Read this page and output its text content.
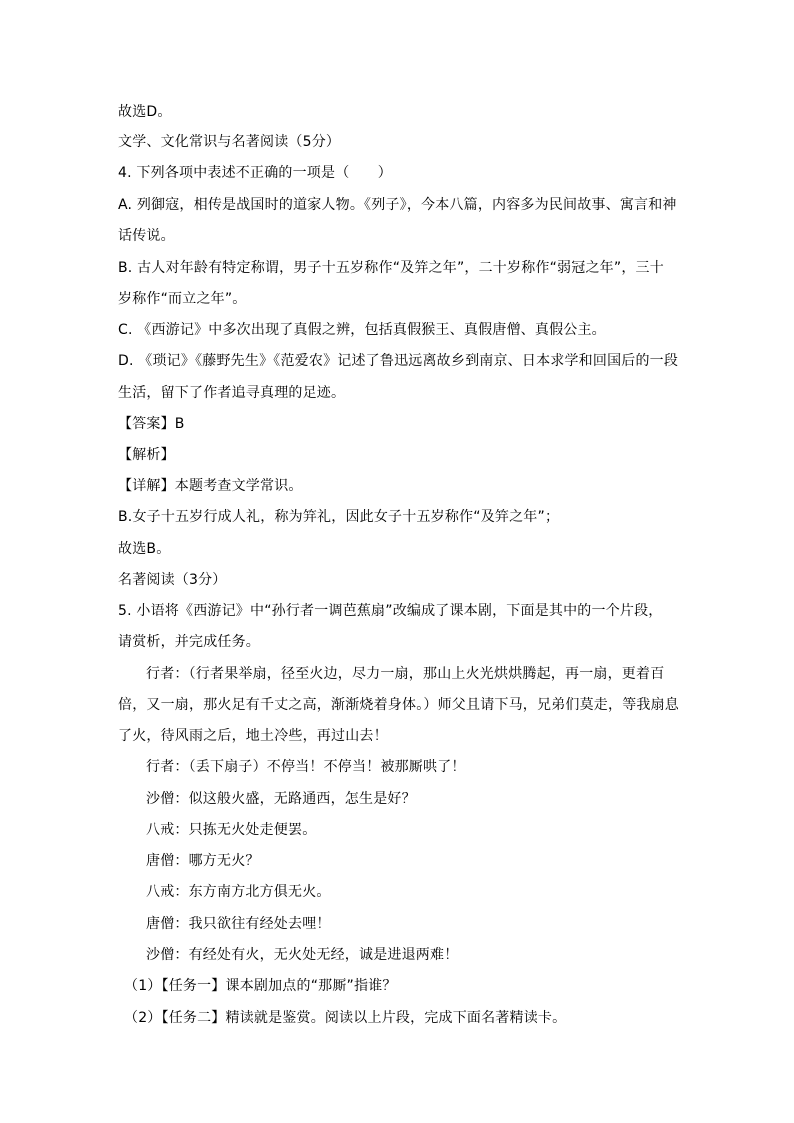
故选D。
文学、文化常识与名著阅读（5分）
4. 下列各项中表述不正确的一项是（　　）
A. 列御寇，相传是战国时的道家人物。《列子》，今本八篇，内容多为民间故事、寓言和神
话传说。
B. 古人对年龄有特定称谓，男子十五岁称作“及笄之年”，二十岁称作“弱冠之年”，三十
岁称作“而立之年”。
C. 《西游记》中多次出现了真假之辨，包括真假猴王、真假唐僧、真假公主。
D. 《琐记》《藤野先生》《范爱农》记述了鲁迅远离故乡到南京、日本求学和回国后的一段
生活，留下了作者追寻真理的足迹。
【答案】B
【解析】
【详解】本题考查文学常识。
B.女子十五岁行成人礼，称为笄礼，因此女子十五岁称作“及笄之年”；
故选B。
名著阅读（3分）
5. 小语将《西游记》中“孙行者一调芭蕉扇”改编成了课本剧，下面是其中的一个片段，
请赏析，并完成任务。
行者：（行者果举扇，径至火边，尽力一扇，那山上火光烘烘腾起，再一扇，更着百
倍，又一扇，那火足有千丈之高，渐渐烧着身体。）师父且请下马，兄弟们莫走，等我扇息
了火，待风雨之后，地土冷些，再过山去！
行者：（丢下扇子）不停当！不停当！被那厮哄了！
沙僧：似这般火盛，无路通西，怎生是好？
八戒：只拣无火处走便罢。
唐僧：哪方无火？
八戒：东方南方北方俱无火。
唐僧：我只欲往有经处去哩！
沙僧：有经处有火，无火处无经，诚是进退两难！
（1）【任务一】课本剧加点的“那厮”指谁？
（2）【任务二】精读就是鉴赏。阅读以上片段，完成下面名著精读卡。
